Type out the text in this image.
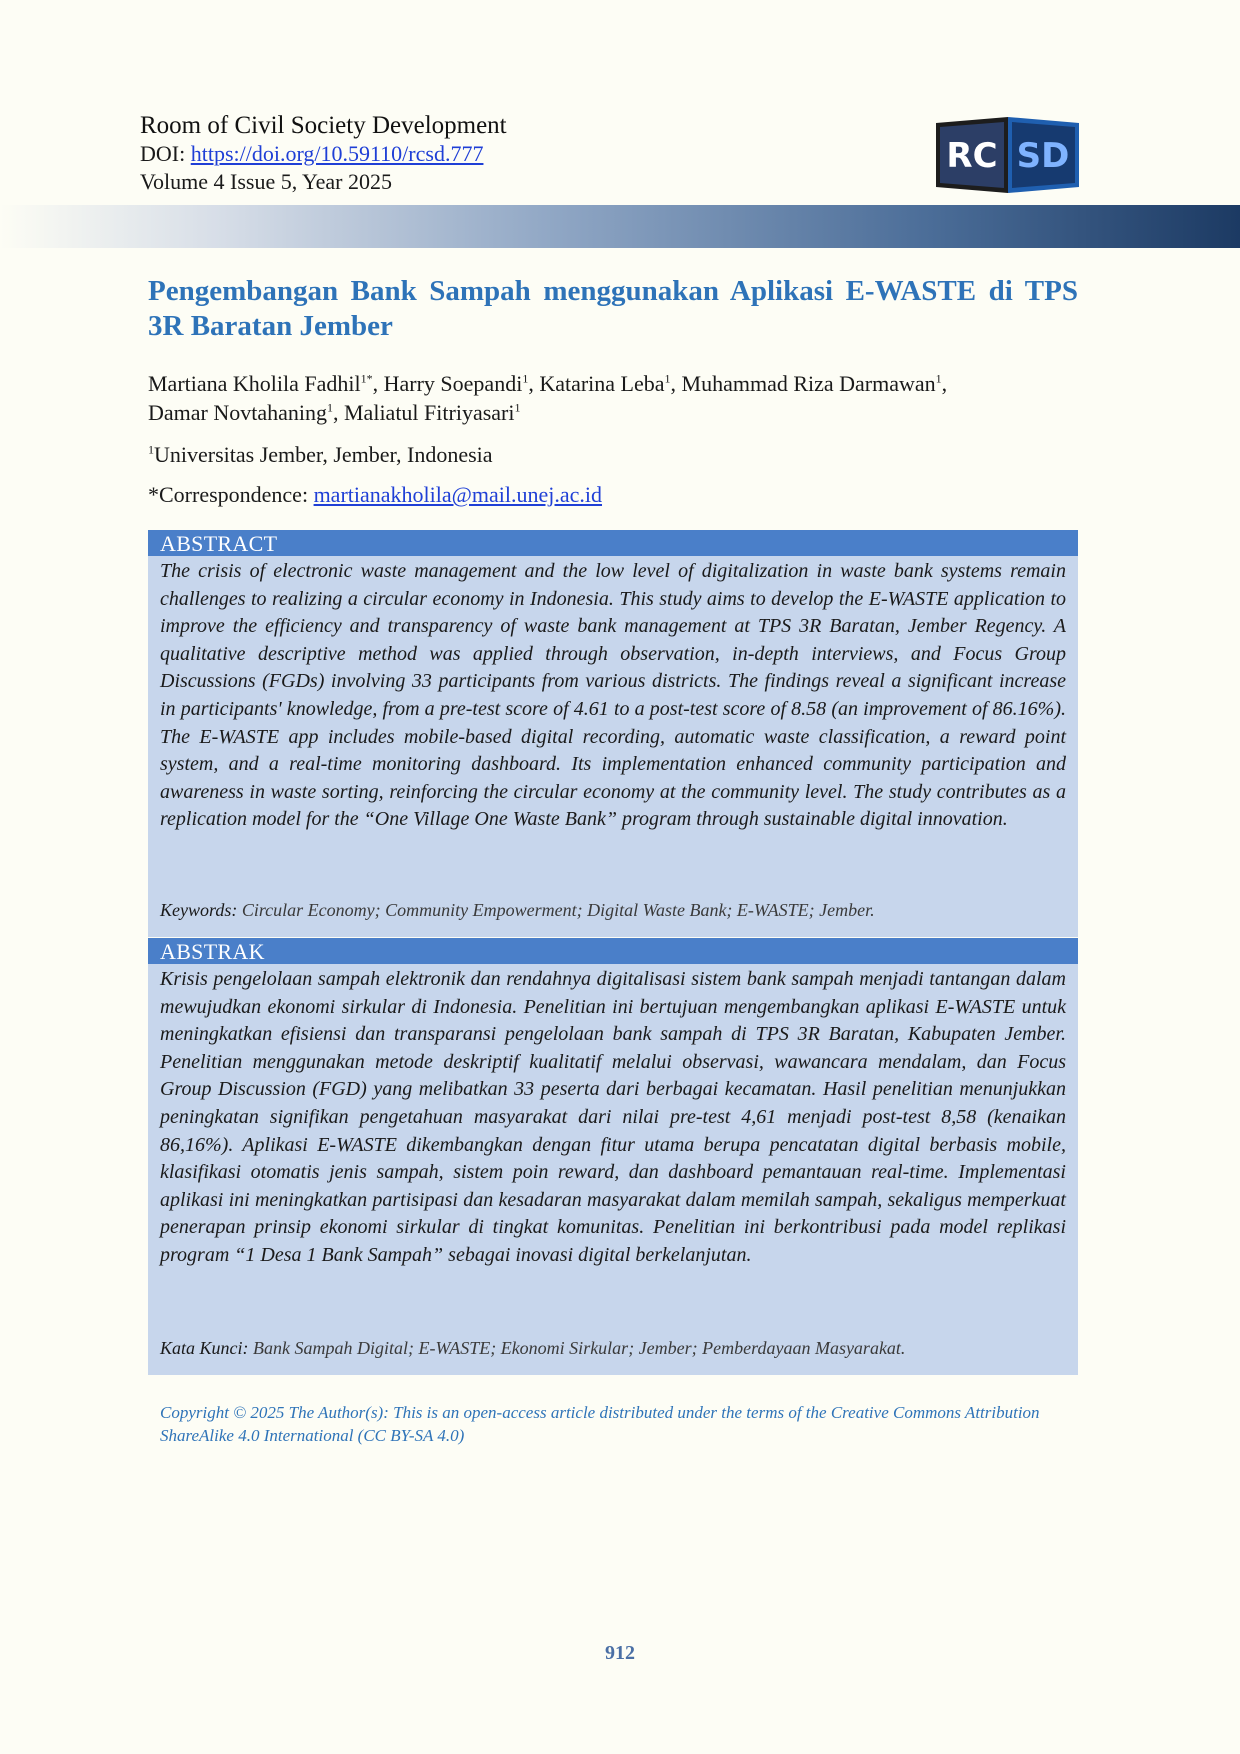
Room of Civil Society Development
DOI: https://doi.org/10.59110/rcsd.777
Volume 4 Issue 5, Year 2025
RC SD
Pengembangan Bank Sampah menggunakan Aplikasi E-WASTE di TPS 3R Baratan Jember

Martiana Kholila Fadhil$^{1*}$, Harry Soepandi$^1$, Katarina Leba$^1$, Muhammad Riza Darmawan$^1$,
Damar Novtahaning$^1$, Maliatul Fitriyasari$^1$

$^1$Universitas Jember, Jember, Indonesia

*Correspondence: martianakholila@mail.unej.ac.id

ABSTRACT

The crisis of electronic waste management and the low level of digitalization in waste bank systems remain challenges to realizing a circular economy in Indonesia. This study aims to develop the E-WASTE application to improve the efficiency and transparency of waste bank management at TPS 3R Baratan, Jember Regency. A qualitative descriptive method was applied through observation, in-depth interviews, and Focus Group Discussions (FGDs) involving 33 participants from various districts. The findings reveal a significant increase in participants' knowledge, from a pre-test score of 4.61 to a post-test score of 8.58 (an improvement of 86.16%). The E-WASTE app includes mobile-based digital recording, automatic waste classification, a reward point system, and a real-time monitoring dashboard. Its implementation enhanced community participation and awareness in waste sorting, reinforcing the circular economy at the community level. The study contributes as a replication model for the “One Village One Waste Bank” program through sustainable digital innovation.

Keywords: Circular Economy; Community Empowerment; Digital Waste Bank; E-WASTE; Jember.

ABSTRAK

Krisis pengelolaan sampah elektronik dan rendahnya digitalisasi sistem bank sampah menjadi tantangan dalam mewujudkan ekonomi sirkular di Indonesia. Penelitian ini bertujuan mengembangkan aplikasi E-WASTE untuk meningkatkan efisiensi dan transparansi pengelolaan bank sampah di TPS 3R Baratan, Kabupaten Jember. Penelitian menggunakan metode deskriptif kualitatif melalui observasi, wawancara mendalam, dan Focus Group Discussion (FGD) yang melibatkan 33 peserta dari berbagai kecamatan. Hasil penelitian menunjukkan peningkatan signifikan pengetahuan masyarakat dari nilai pre-test 4,61 menjadi post-test 8,58 (kenaikan 86,16%). Aplikasi E-WASTE dikembangkan dengan fitur utama berupa pencatatan digital berbasis mobile, klasifikasi otomatis jenis sampah, sistem poin reward, dan dashboard pemantauan real-time. Implementasi aplikasi ini meningkatkan partisipasi dan kesadaran masyarakat dalam memilah sampah, sekaligus memperkuat penerapan prinsip ekonomi sirkular di tingkat komunitas. Penelitian ini berkontribusi pada model replikasi program “1 Desa 1 Bank Sampah” sebagai inovasi digital berkelanjutan.

Kata Kunci: Bank Sampah Digital; E-WASTE; Ekonomi Sirkular; Jember; Pemberdayaan Masyarakat.

Copyright © 2025 The Author(s): This is an open-access article distributed under the terms of the Creative Commons Attribution ShareAlike 4.0 International (CC BY-SA 4.0)

912
